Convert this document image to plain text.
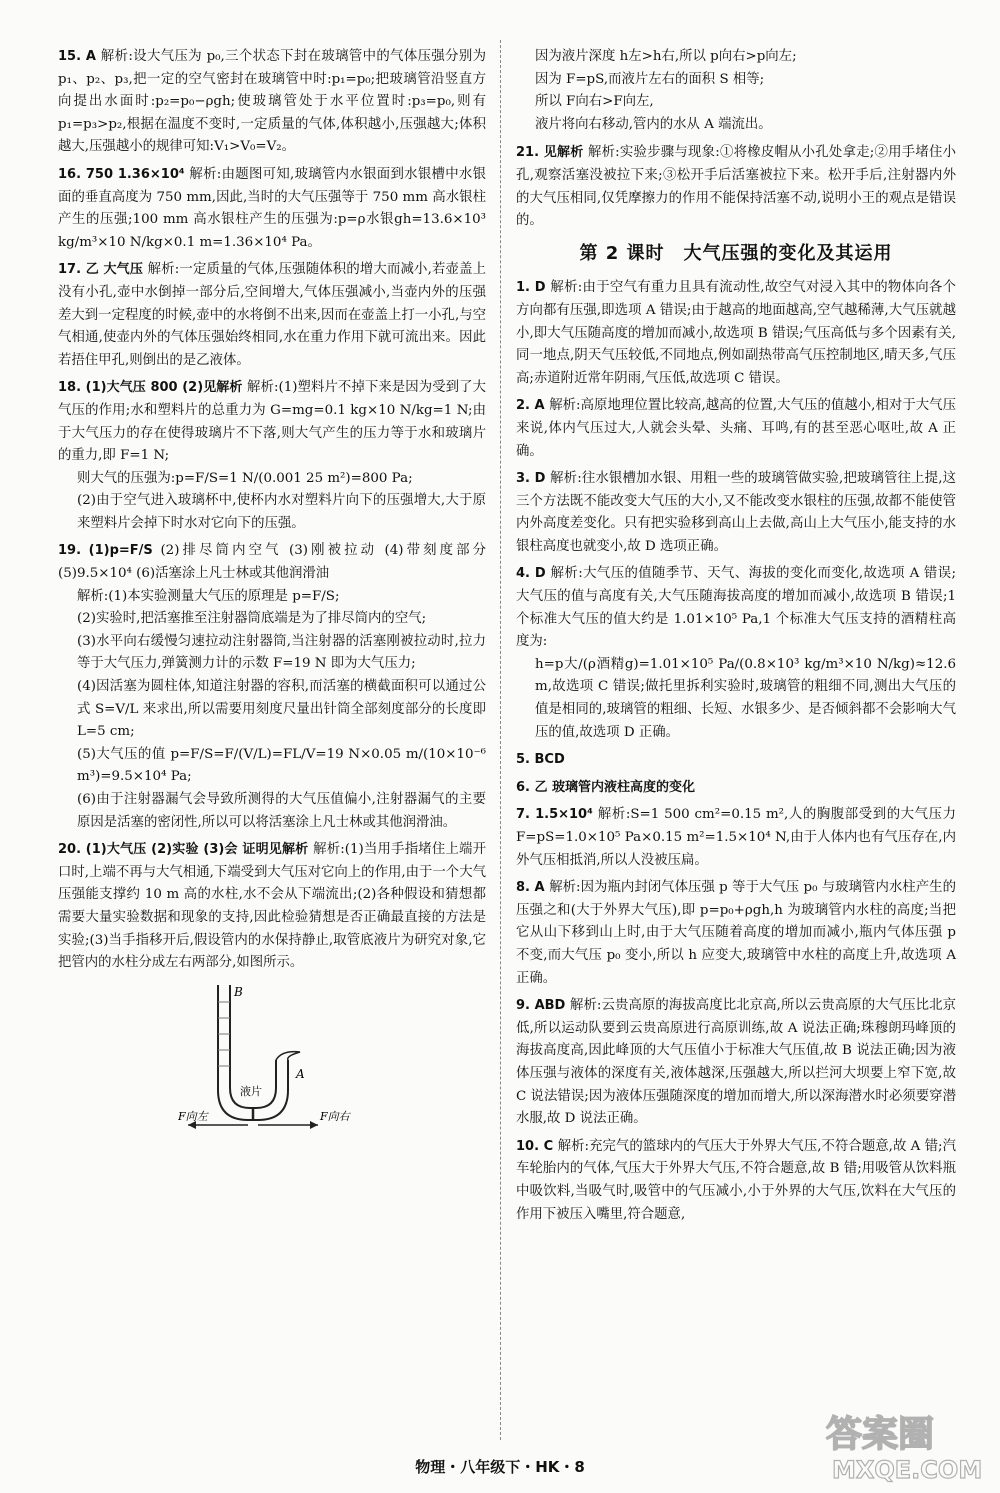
15. A 解析:设大气压为 p₀,三个状态下封在玻璃管中的气体压强分别为 p₁、p₂、p₃,把一定的空气密封在玻璃管中时:p₁=p₀;把玻璃管沿竖直方向提出水面时:p₂=p₀−ρgh;使玻璃管处于水平位置时:p₃=p₀,则有 p₁=p₃>p₂,根据在温度不变时,一定质量的气体,体积越小,压强越大;体积越大,压强越小的规律可知:V₁>V₀=V₂。

16. 750 1.36×10⁴ 解析:由题图可知,玻璃管内水银面到水银槽中水银面的垂直高度为 750 mm,因此,当时的大气压强等于 750 mm 高水银柱产生的压强;100 mm 高水银柱产生的压强为:p=ρ水银gh=13.6×10³ kg/m³×10 N/kg×0.1 m=1.36×10⁴ Pa。

17. 乙 大气压 解析:一定质量的气体,压强随体积的增大而减小,若壶盖上没有小孔,壶中水倒掉一部分后,空间增大,气体压强减小,当壶内外的压强差大到一定程度的时候,壶中的水将倒不出来,因而在壶盖上打一小孔,与空气相通,使壶内外的气体压强始终相同,水在重力作用下就可流出来。因此若捂住甲孔,则倒出的是乙液体。

18. (1)大气压 800 (2)见解析 解析:(1)塑料片不掉下来是因为受到了大气压的作用;水和塑料片的总重力为 G=mg=0.1 kg×10 N/kg=1 N;由于大气压力的存在使得玻璃片不下落,则大气产生的压力等于水和玻璃片的重力,即 F=1 N;

则大气的压强为:p=F/S=1 N/(0.001 25 m²)=800 Pa;

(2)由于空气进入玻璃杯中,使杯内水对塑料片向下的压强增大,大于原来塑料片会掉下时水对它向下的压强。

19. (1)p=F/S (2)排尽筒内空气 (3)刚被拉动 (4)带刻度部分 (5)9.5×10⁴ (6)活塞涂上凡士林或其他润滑油

解析:(1)本实验测量大气压的原理是 p=F/S;

(2)实验时,把活塞推至注射器筒底端是为了排尽筒内的空气;

(3)水平向右缓慢匀速拉动注射器筒,当注射器的活塞刚被拉动时,拉力等于大气压力,弹簧测力计的示数 F=19 N 即为大气压力;

(4)因活塞为圆柱体,知道注射器的容积,而活塞的横截面积可以通过公式 S=V/L 来求出,所以需要用刻度尺量出针筒全部刻度部分的长度即 L=5 cm;

(5)大气压的值 p=F/S=F/(V/L)=FL/V=19 N×0.05 m/(10×10⁻⁶ m³)=9.5×10⁴ Pa;

(6)由于注射器漏气会导致所测得的大气压值偏小,注射器漏气的主要原因是活塞的密闭性,所以可以将活塞涂上凡士林或其他润滑油。

20. (1)大气压 (2)实验 (3)会 证明见解析 解析:(1)当用手指堵住上端开口时,上端不再与大气相通,下端受到大气压对它向上的作用,由于一个大气压强能支撑约 10 m 高的水柱,水不会从下端流出;(2)各种假设和猜想都需要大量实验数据和现象的支持,因此检验猜想是否正确最直接的方法是实验;(3)当手指移开后,假设管内的水保持静止,取管底液片为研究对象,它把管内的水柱分成左右两部分,如图所示。

B
A
液片
F向左	F向右

因为液片深度 h左>h右,所以 p向右>p向左;

因为 F=pS,而液片左右的面积 S 相等;

所以 F向右>F向左,

液片将向右移动,管内的水从 A 端流出。

21. 见解析 解析:实验步骤与现象:①将橡皮帽从小孔处拿走;②用手堵住小孔,观察活塞没被拉下来;③松开手后活塞被拉下来。松开手后,注射器内外的大气压相同,仅凭摩擦力的作用不能保持活塞不动,说明小王的观点是错误的。

第 2 课时　大气压强的变化及其运用

1. D 解析:由于空气有重力且具有流动性,故空气对浸入其中的物体向各个方向都有压强,即选项 A 错误;由于越高的地面越高,空气越稀薄,大气压就越小,即大气压随高度的增加而减小,故选项 B 错误;气压高低与多个因素有关,同一地点,阴天气压较低,不同地点,例如副热带高气压控制地区,晴天多,气压高;赤道附近常年阴雨,气压低,故选项 C 错误。

2. A 解析:高原地理位置比较高,越高的位置,大气压的值越小,相对于大气压来说,体内气压过大,人就会头晕、头痛、耳鸣,有的甚至恶心呕吐,故 A 正确。

3. D 解析:往水银槽加水银、用粗一些的玻璃管做实验,把玻璃管往上提,这三个方法既不能改变大气压的大小,又不能改变水银柱的压强,故都不能使管内外高度差变化。只有把实验移到高山上去做,高山上大气压小,能支持的水银柱高度也就变小,故 D 选项正确。

4. D 解析:大气压的值随季节、天气、海拔的变化而变化,故选项 A 错误;大气压的值与高度有关,大气压随海拔高度的增加而减小,故选项 B 错误;1 个标准大气压的值大约是 1.01×10⁵ Pa,1 个标准大气压支持的酒精柱高度为:

h=p大/(ρ酒精g)=1.01×10⁵ Pa/(0.8×10³ kg/m³×10 N/kg)≈12.6 m,故选项 C 错误;做托里拆利实验时,玻璃管的粗细不同,测出大气压的值是相同的,玻璃管的粗细、长短、水银多少、是否倾斜都不会影响大气压的值,故选项 D 正确。

5. BCD

6. 乙 玻璃管内液柱高度的变化

7. 1.5×10⁴ 解析:S=1 500 cm²=0.15 m²,人的胸腹部受到的大气压力 F=pS=1.0×10⁵ Pa×0.15 m²=1.5×10⁴ N,由于人体内也有气压存在,内外气压相抵消,所以人没被压扁。

8. A 解析:因为瓶内封闭气体压强 p 等于大气压 p₀ 与玻璃管内水柱产生的压强之和(大于外界大气压),即 p=p₀+ρgh,h 为玻璃管内水柱的高度;当把它从山下移到山上时,由于大气压随着高度的增加而减小,瓶内气体压强 p 不变,而大气压 p₀ 变小,所以 h 应变大,玻璃管中水柱的高度上升,故选项 A 正确。

9. ABD 解析:云贵高原的海拔高度比北京高,所以云贵高原的大气压比北京低,所以运动队要到云贵高原进行高原训练,故 A 说法正确;珠穆朗玛峰顶的海拔高度高,因此峰顶的大气压值小于标准大气压值,故 B 说法正确;因为液体压强与液体的深度有关,液体越深,压强越大,所以拦河大坝要上窄下宽,故 C 说法错误;因为液体压强随深度的增加而增大,所以深海潜水时必须要穿潜水服,故 D 说法正确。

10. C 解析:充完气的篮球内的气压大于外界大气压,不符合题意,故 A 错;汽车轮胎内的气体,气压大于外界大气压,不符合题意,故 B 错;用吸管从饮料瓶中吸饮料,当吸气时,吸管中的气压减小,小于外界的大气压,饮料在大气压的作用下被压入嘴里,符合题意,

物理・八年级下・HK・8
答案圈
MXQE.COM
